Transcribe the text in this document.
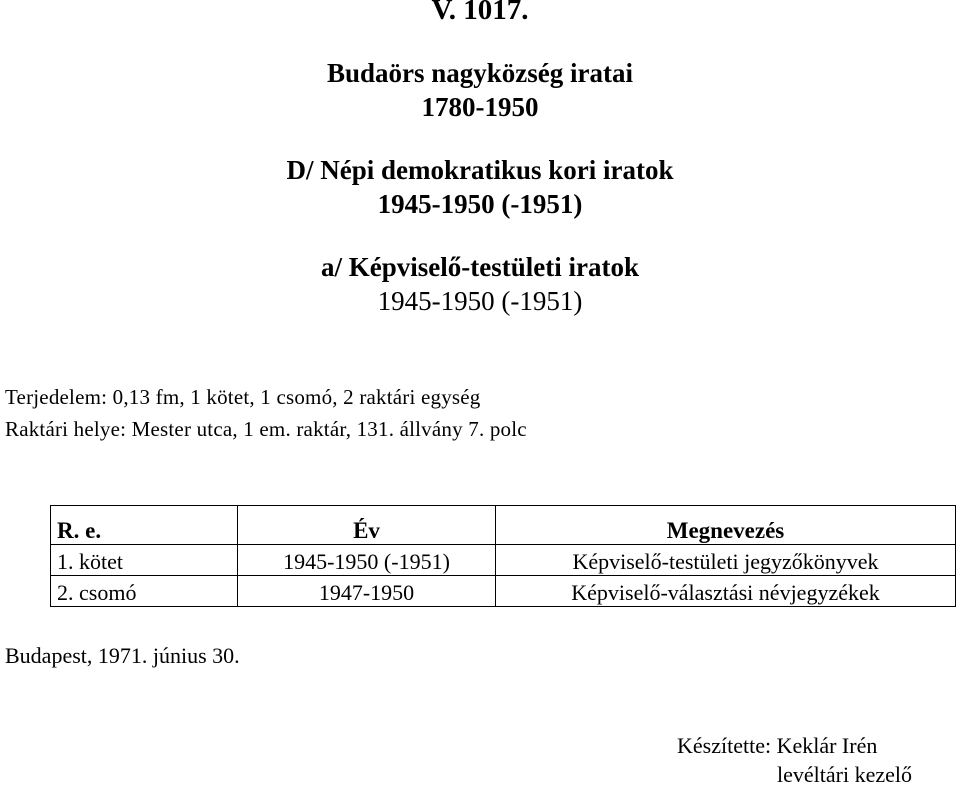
V. 1017.
Budaörs nagyközség iratai
1780-1950
D/ Népi demokratikus kori iratok
1945-1950 (-1951)
a/ Képviselő-testületi iratok
1945-1950 (-1951)
Terjedelem: 0,13 fm, 1 kötet, 1 csomó, 2 raktári egység
Raktári helye: Mester utca, 1 em. raktár, 131. állvány 7. polc
R. e.	Év	Megnevezés
1. kötet	1945-1950 (-1951)	Képviselő-testületi jegyzőkönyvek
2. csomó	1947-1950	Képviselő-választási névjegyzékek
Budapest, 1971. június 30.
Készítette: Keklár Irén
levéltári kezelő
